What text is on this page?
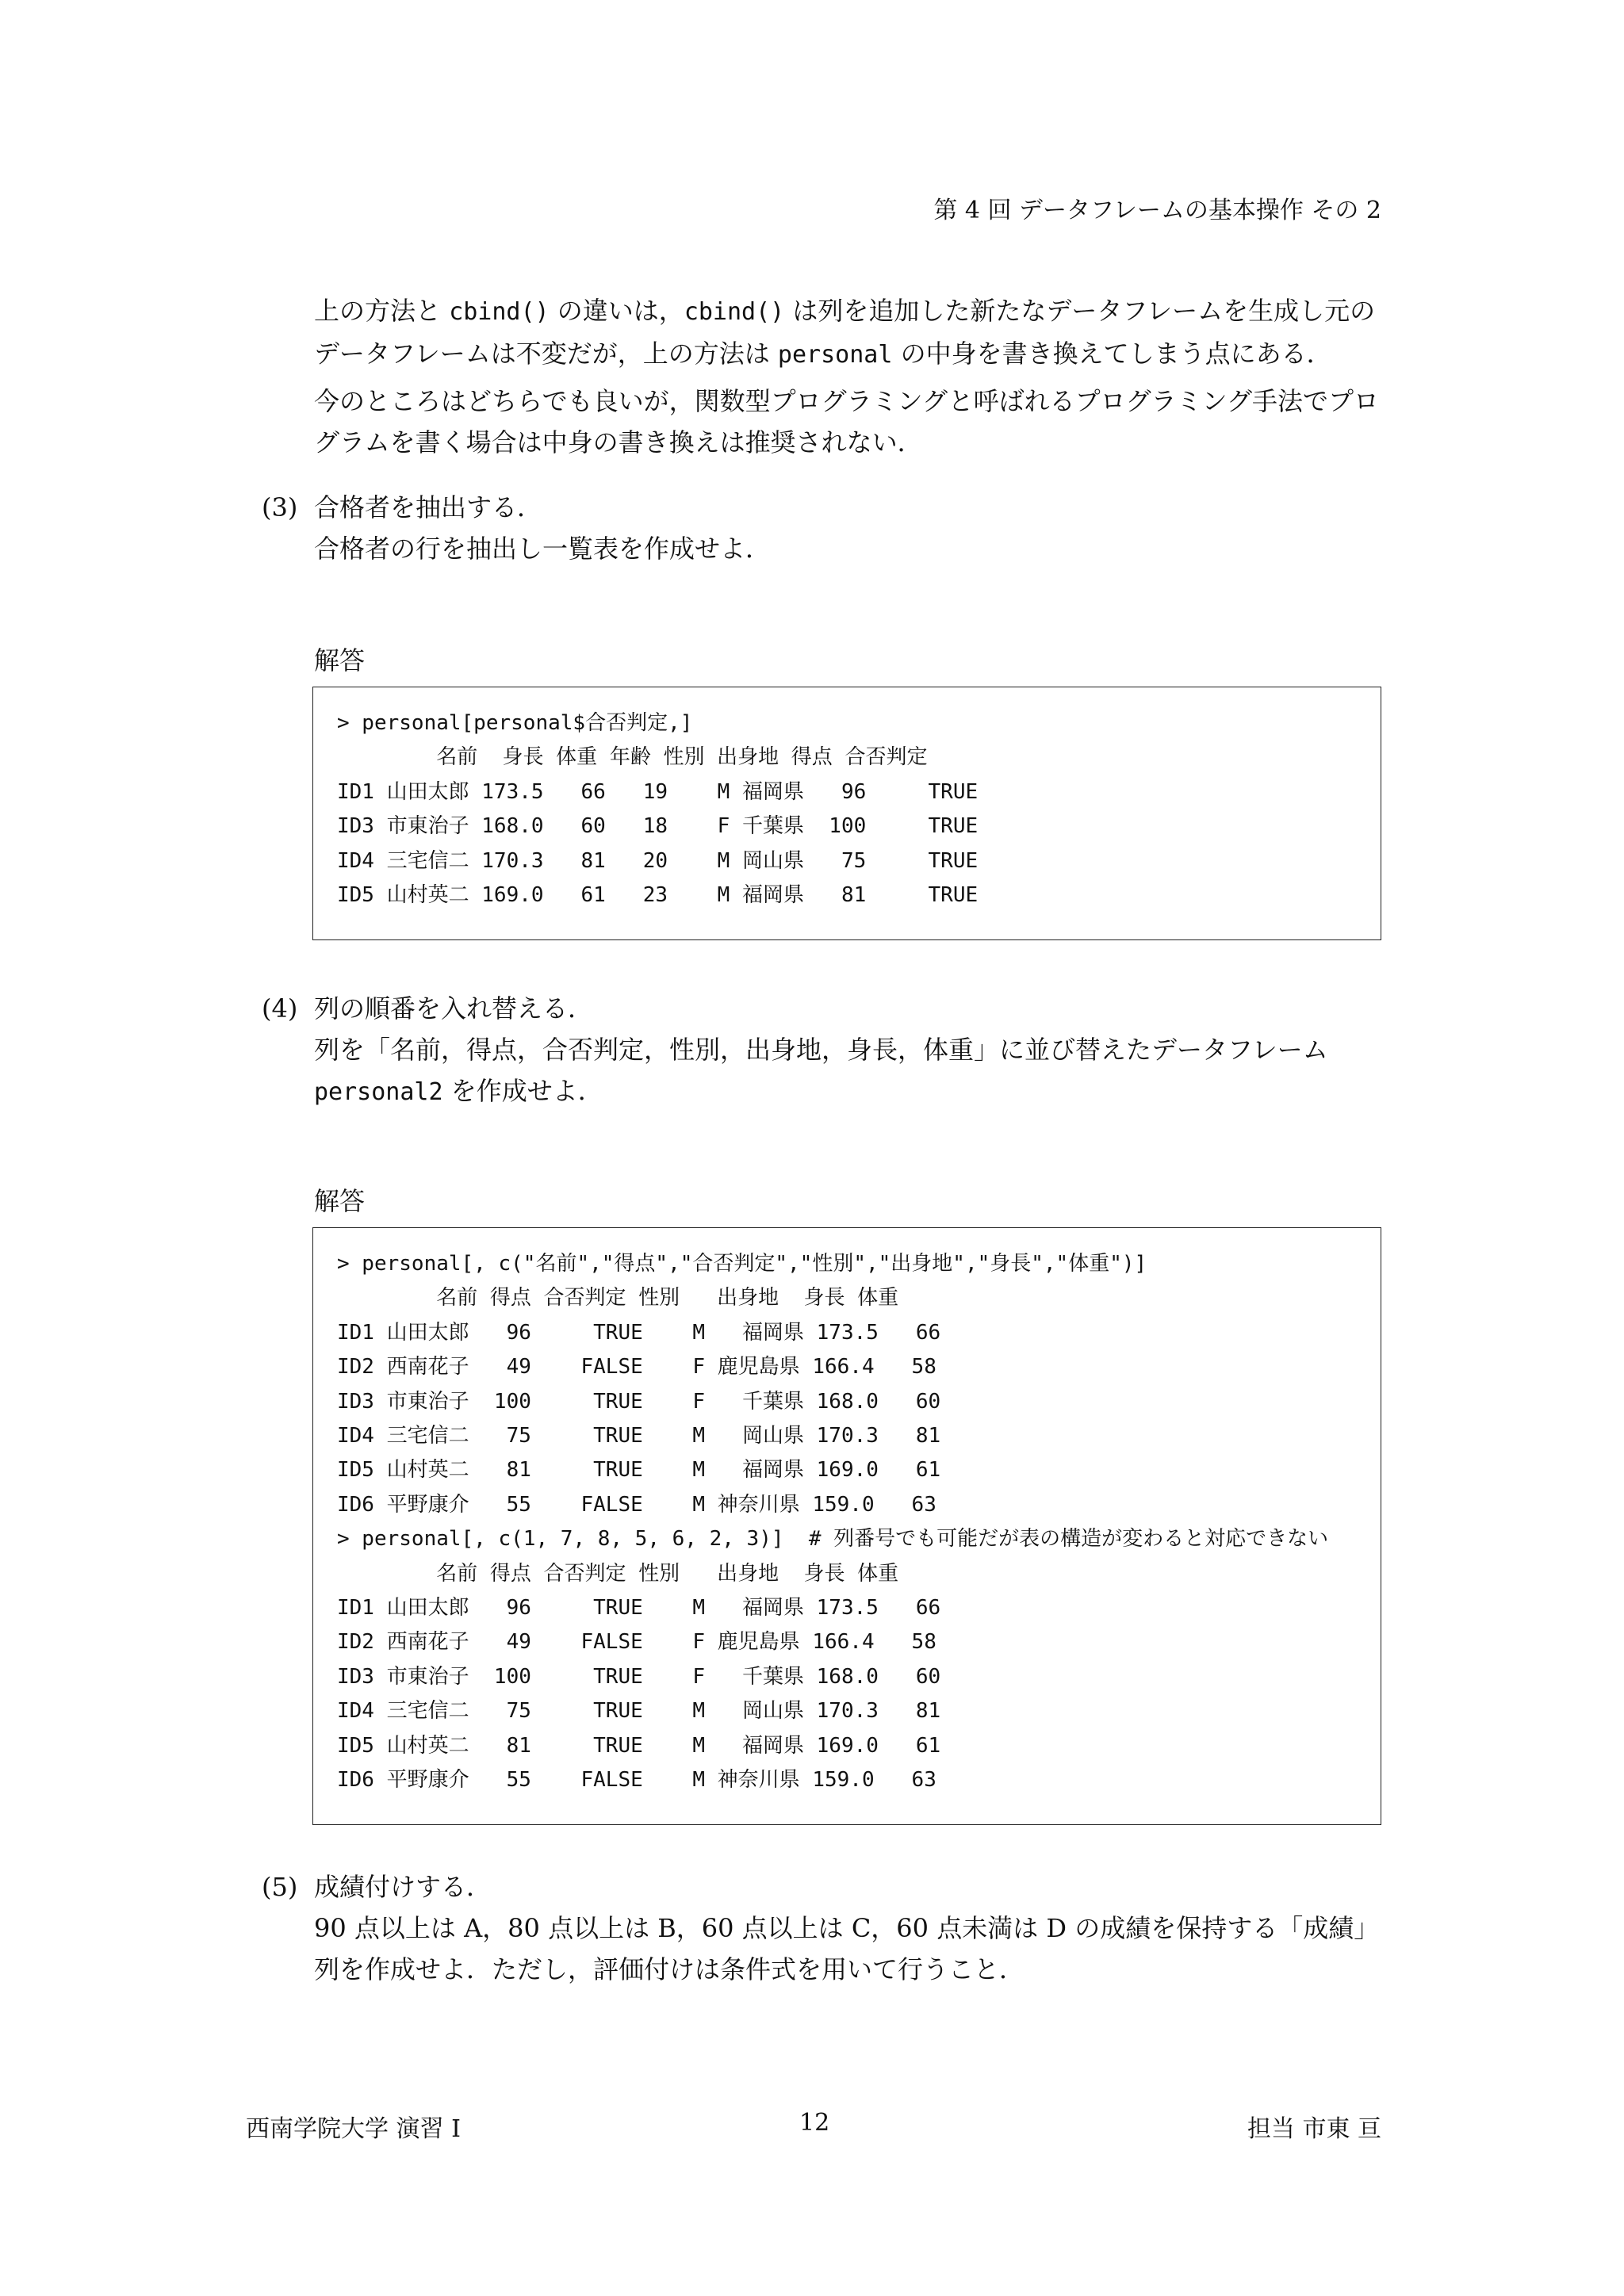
第 4 回 データフレームの基本操作 その 2
上の方法と cbind() の違いは，cbind() は列を追加した新たなデータフレームを生成し元のデータフレームは不変だが，上の方法は personal の中身を書き換えてしまう点にある．
今のところはどちらでも良いが，関数型プログラミングと呼ばれるプログラミング手法でプログラムを書く場合は中身の書き換えは推奨されない．
(3) 合格者を抽出する．
合格者の行を抽出し一覧表を作成せよ．
解答
> personal[personal$合否判定,]
名前  身長 体重 年齢 性別 出身地 得点 合否判定
ID1 山田太郎 173.5   66   19    M 福岡県   96     TRUE
ID3 市東治子 168.0   60   18    F 千葉県  100     TRUE
ID4 三宅信二 170.3   81   20    M 岡山県   75     TRUE
ID5 山村英二 169.0   61   23    M 福岡県   81     TRUE
(4) 列の順番を入れ替える．
列を「名前，得点，合否判定，性別，出身地，身長，体重」に並び替えたデータフレーム personal2 を作成せよ．
解答
> personal[, c("名前","得点","合否判定","性別","出身地","身長","体重")]
名前 得点 合否判定 性別   出身地  身長 体重
ID1 山田太郎   96     TRUE    M   福岡県 173.5   66
ID2 西南花子   49    FALSE    F 鹿児島県 166.4   58
ID3 市東治子  100     TRUE    F   千葉県 168.0   60
ID4 三宅信二   75     TRUE    M   岡山県 170.3   81
ID5 山村英二   81     TRUE    M   福岡県 169.0   61
ID6 平野康介   55    FALSE    M 神奈川県 159.0   63
> personal[, c(1, 7, 8, 5, 6, 2, 3)]  # 列番号でも可能だが表の構造が変わると対応できない
名前 得点 合否判定 性別   出身地  身長 体重
ID1 山田太郎   96     TRUE    M   福岡県 173.5   66
ID2 西南花子   49    FALSE    F 鹿児島県 166.4   58
ID3 市東治子  100     TRUE    F   千葉県 168.0   60
ID4 三宅信二   75     TRUE    M   岡山県 170.3   81
ID5 山村英二   81     TRUE    M   福岡県 169.0   61
ID6 平野康介   55    FALSE    M 神奈川県 159.0   63
(5) 成績付けする．
90 点以上は A，80 点以上は B，60 点以上は C，60 点未満は D の成績を保持する「成績」列を作成せよ．ただし，評価付けは条件式を用いて行うこと．
西南学院大学 演習 I	12	担当 市東 亘
